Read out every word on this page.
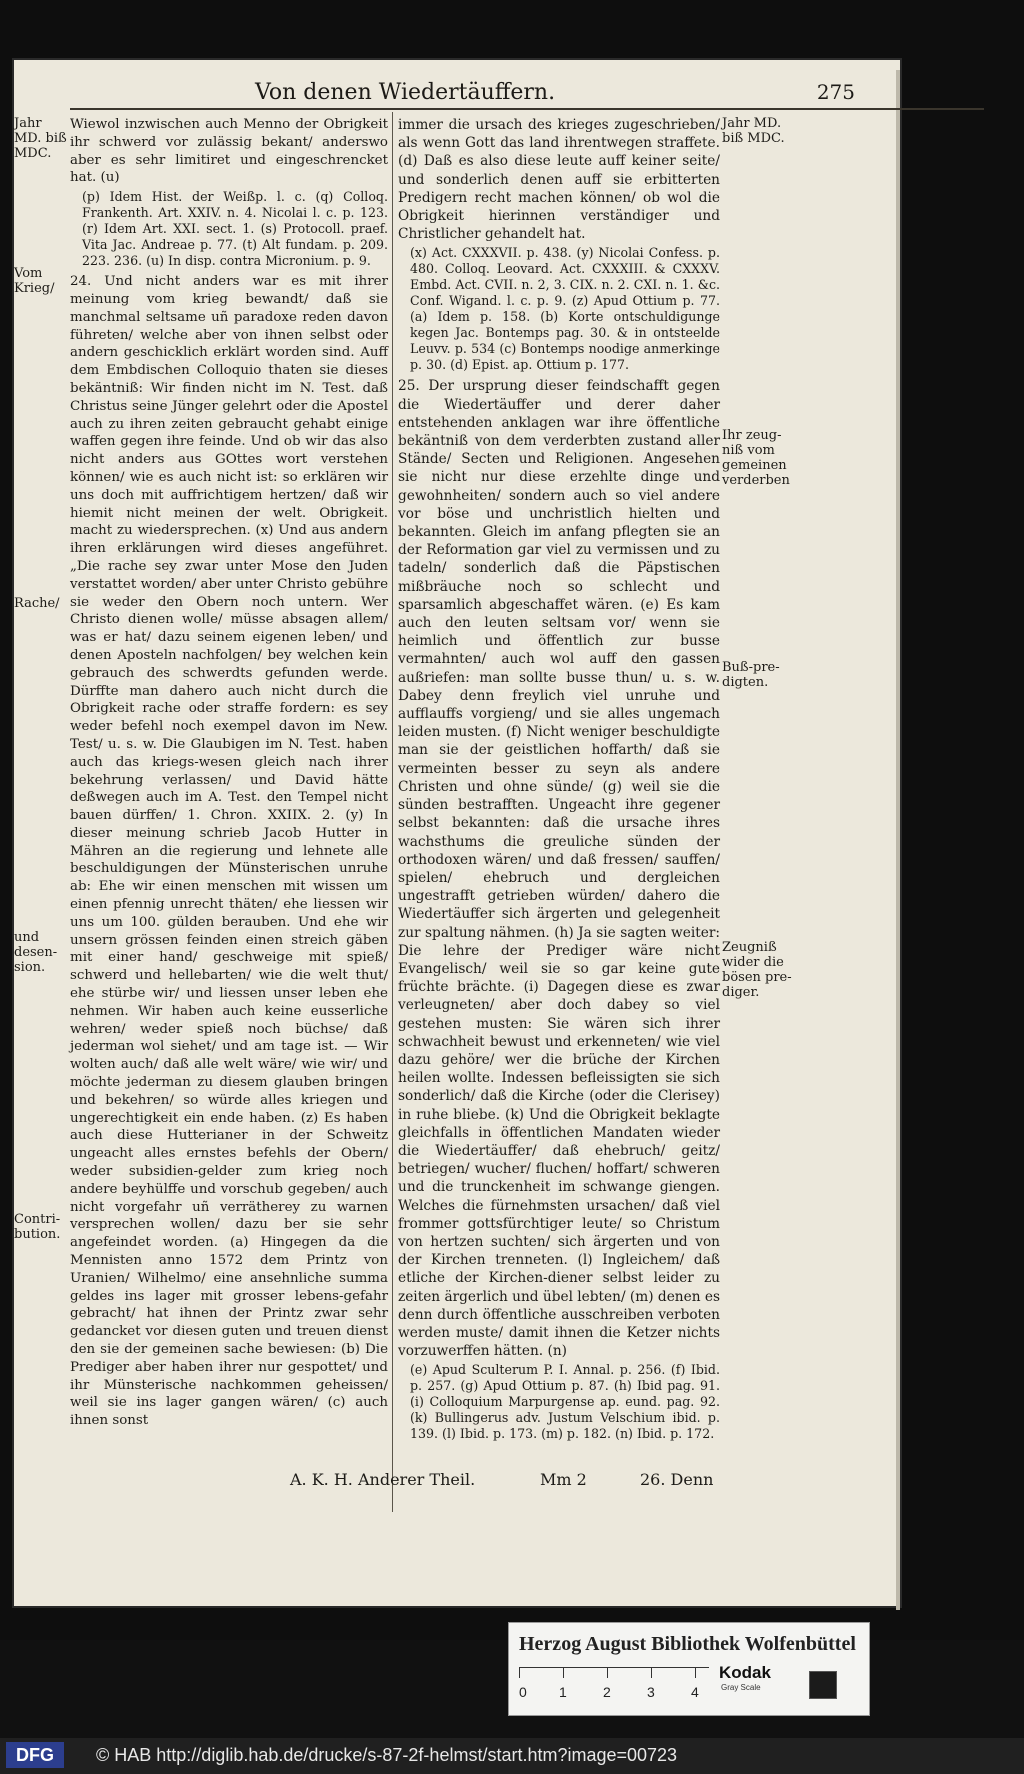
Von denen Wiedertäuffern.	275
Jahr MD. biß MDC.
Vom Krieg/
Rache/
und desen-sion.
Contri-bution.
Jahr MD. biß MDC.
Ihr zeug-niß vom gemeinen verderben
Buß-pre-digten.
Zeugniß wider die bösen pre-diger.

Wiewol inzwischen auch Menno der Obrigkeit ihr schwerd vor zulässig bekant/ anderswo aber es sehr limitiret und eingeschrencket hat. (u)

(p) Idem Hist. der Weißp. l. c. (q) Colloq. Frankenth. Art. XXIV. n. 4. Nicolai l. c. p. 123. (r) Idem Art. XXI. sect. 1. (s) Protocoll. praef. Vita Jac. Andreae p. 77. (t) Alt fundam. p. 209. 223. 236. (u) In disp. contra Micronium. p. 9.

24. Und nicht anders war es mit ihrer meinung vom krieg bewandt/ daß sie manchmal seltsame uñ paradoxe reden davon führeten/ welche aber von ihnen selbst oder andern geschicklich erklärt worden sind. Auff dem Embdischen Colloquio thaten sie dieses bekäntniß: Wir finden nicht im N. Test. daß Christus seine Jünger gelehrt oder die Apostel auch zu ihren zeiten gebraucht gehabt einige waffen gegen ihre feinde. Und ob wir das also nicht anders aus GOttes wort verstehen können/ wie es auch nicht ist: so erklären wir uns doch mit auffrichtigem hertzen/ daß wir hiemit nicht meinen der welt. Obrigkeit. macht zu wiedersprechen. (x) Und aus andern ihren erklärungen wird dieses angeführet. „Die rache sey zwar unter Mose den Juden verstattet worden/ aber unter Christo gebühre sie weder den Obern noch untern. Wer Christo dienen wolle/ müsse absagen allem/ was er hat/ dazu seinem eigenen leben/ und denen Aposteln nachfolgen/ bey welchen kein gebrauch des schwerdts gefunden werde. Dürffte man dahero auch nicht durch die Obrigkeit rache oder straffe fordern: es sey weder befehl noch exempel davon im New. Test/ u. s. w. Die Glaubigen im N. Test. haben auch das kriegs-wesen gleich nach ihrer bekehrung verlassen/ und David hätte deßwegen auch im A. Test. den Tempel nicht bauen dürffen/ 1. Chron. XXIIX. 2. (y) In dieser meinung schrieb Jacob Hutter in Mähren an die regierung und lehnete alle beschuldigungen der Münsterischen unruhe ab: Ehe wir einen menschen mit wissen um einen pfennig unrecht thäten/ ehe liessen wir uns um 100. gülden berauben. Und ehe wir unsern grössen feinden einen streich gäben mit einer hand/ geschweige mit spieß/ schwerd und hellebarten/ wie die welt thut/ ehe stürbe wir/ und liessen unser leben ehe nehmen. Wir haben auch keine eusserliche wehren/ weder spieß noch büchse/ daß jederman wol siehet/ und am tage ist. — Wir wolten auch/ daß alle welt wäre/ wie wir/ und möchte jederman zu diesem glauben bringen und bekehren/ so würde alles kriegen und ungerechtigkeit ein ende haben. (z) Es haben auch diese Hutterianer in der Schweitz ungeacht alles ernstes befehls der Obern/ weder subsidien-gelder zum krieg noch andere beyhülffe und vorschub gegeben/ auch nicht vorgefahr uñ verrätherey zu warnen versprechen wollen/ dazu ber sie sehr angefeindet worden. (a) Hingegen da die Mennisten anno 1572 dem Printz von Uranien/ Wilhelmo/ eine ansehnliche summa geldes ins lager mit grosser lebens-gefahr gebracht/ hat ihnen der Printz zwar sehr gedancket vor diesen guten und treuen dienst den sie der gemeinen sache bewiesen: (b) Die Prediger aber haben ihrer nur gespottet/ und ihr Münsterische nachkommen geheissen/ weil sie ins lager gangen wären/ (c) auch ihnen sonst

immer die ursach des krieges zugeschrieben/ als wenn Gott das land ihrentwegen straffete. (d) Daß es also diese leute auff keiner seite/ und sonderlich denen auff sie erbitterten Predigern recht machen können/ ob wol die Obrigkeit hierinnen verständiger und Christlicher gehandelt hat.

(x) Act. CXXXVII. p. 438. (y) Nicolai Confess. p. 480. Colloq. Leovard. Act. CXXXIII. & CXXXV. Embd. Act. CVII. n. 2, 3. CIX. n. 2. CXI. n. 1. &c. Conf. Wigand. l. c. p. 9. (z) Apud Ottium p. 77. (a) Idem p. 158. (b) Korte ontschuldigunge kegen Jac. Bontemps pag. 30. & in ontsteelde Leuvv. p. 534 (c) Bontemps noodige anmerkinge p. 30. (d) Epist. ap. Ottium p. 177.

25. Der ursprung dieser feindschafft gegen die Wiedertäuffer und derer daher entstehenden anklagen war ihre öffentliche bekäntniß von dem verderbten zustand aller Stände/ Secten und Religionen. Angesehen sie nicht nur diese erzehlte dinge und gewohnheiten/ sondern auch so viel andere vor böse und unchristlich hielten und bekannten. Gleich im anfang pflegten sie an der Reformation gar viel zu vermissen und zu tadeln/ sonderlich daß die Päpstischen mißbräuche noch so schlecht und sparsamlich abgeschaffet wären. (e) Es kam auch den leuten seltsam vor/ wenn sie heimlich und öffentlich zur busse vermahnten/ auch wol auff den gassen außriefen: man sollte busse thun/ u. s. w. Dabey denn freylich viel unruhe und aufflauffs vorgieng/ und sie alles ungemach leiden musten. (f) Nicht weniger beschuldigte man sie der geistlichen hoffarth/ daß sie vermeinten besser zu seyn als andere Christen und ohne sünde/ (g) weil sie die sünden bestrafften. Ungeacht ihre gegener selbst bekannten: daß die ursache ihres wachsthums die greuliche sünden der orthodoxen wären/ und daß fressen/ sauffen/ spielen/ ehebruch und dergleichen ungestrafft getrieben würden/ dahero die Wiedertäuffer sich ärgerten und gelegenheit zur spaltung nähmen. (h) Ja sie sagten weiter: Die lehre der Prediger wäre nicht Evangelisch/ weil sie so gar keine gute früchte brächte. (i) Dagegen diese es zwar verleugneten/ aber doch dabey so viel gestehen musten: Sie wären sich ihrer schwachheit bewust und erkenneten/ wie viel dazu gehöre/ wer die brüche der Kirchen heilen wollte. Indessen befleissigten sie sich sonderlich/ daß die Kirche (oder die Clerisey) in ruhe bliebe. (k) Und die Obrigkeit beklagte gleichfalls in öffentlichen Mandaten wieder die Wiedertäuffer/ daß ehebruch/ geitz/ betriegen/ wucher/ fluchen/ hoffart/ schweren und die trunckenheit im schwange giengen. Welches die fürnehmsten ursachen/ daß viel frommer gottsfürchtiger leute/ so Christum von hertzen suchten/ sich ärgerten und von der Kirchen trenneten. (l) Ingleichem/ daß etliche der Kirchen-diener selbst leider zu zeiten ärgerlich und übel lebten/ (m) denen es denn durch öffentliche ausschreiben verboten werden muste/ damit ihnen die Ketzer nichts vorzuwerffen hätten. (n)

(e) Apud Sculterum P. I. Annal. p. 256. (f) Ibid. p. 257. (g) Apud Ottium p. 87. (h) Ibid pag. 91. (i) Colloquium Marpurgense ap. eund. pag. 92. (k) Bullingerus adv. Justum Velschium ibid. p. 139. (l) Ibid. p. 173. (m) p. 182. (n) Ibid. p. 172.

A. K. H. Anderer Theil.	Mm 2	26. Denn
Herzog August Bibliothek Wolfenbüttel
0 1	2	3	4
Kodak
Gray Scale
DFG	© HAB http://diglib.hab.de/drucke/s-87-2f-helmst/start.htm?image=00723
